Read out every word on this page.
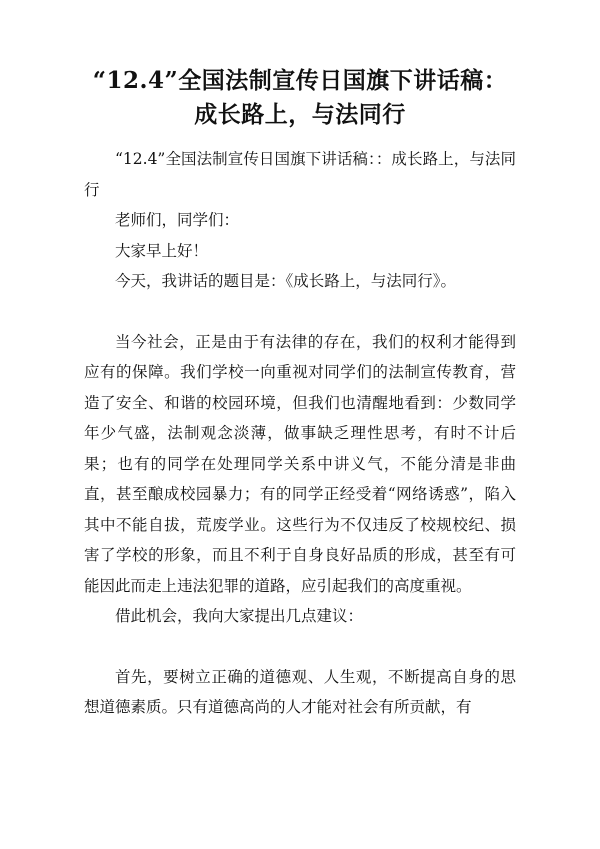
“12.4”全国法制宣传日国旗下讲话稿：
成长路上，与法同行

“12.4”全国法制宣传日国旗下讲话稿：：成长路上，与法同行

老师们，同学们：

大家早上好！

今天，我讲话的题目是：《成长路上，与法同行》。

当今社会，正是由于有法律的存在，我们的权利才能得到应有的保障。我们学校一向重视对同学们的法制宣传教育，营造了安全、和谐的校园环境，但我们也清醒地看到：少数同学年少气盛，法制观念淡薄，做事缺乏理性思考，有时不计后果；也有的同学在处理同学关系中讲义气，不能分清是非曲直，甚至酿成校园暴力；有的同学正经受着“网络诱惑”，陷入其中不能自拔，荒废学业。这些行为不仅违反了校规校纪、损害了学校的形象，而且不利于自身良好品质的形成，甚至有可能因此而走上违法犯罪的道路，应引起我们的高度重视。

借此机会，我向大家提出几点建议：

首先，要树立正确的道德观、人生观，不断提高自身的思想道德素质。只有道德高尚的人才能对社会有所贡献，有
